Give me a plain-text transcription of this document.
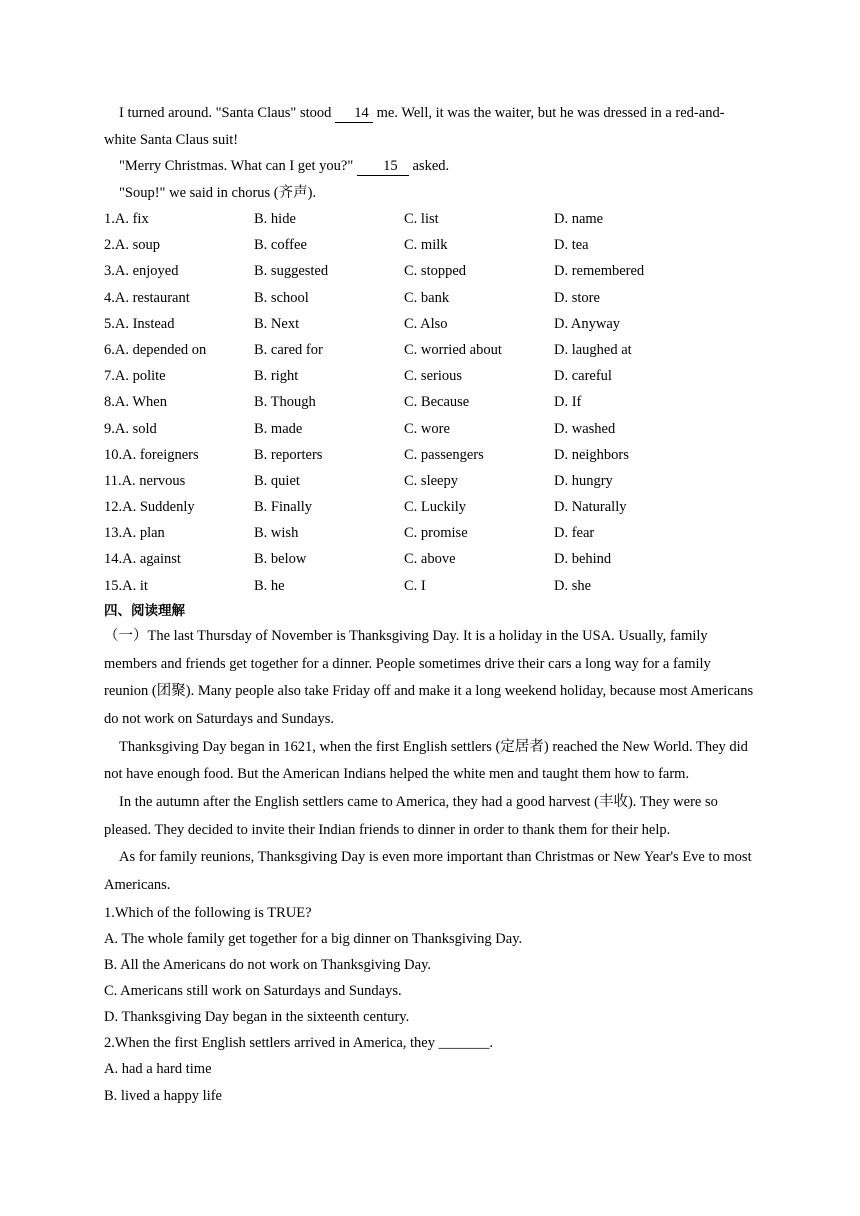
I turned around. "Santa Claus" stood 14 me. Well, it was the waiter, but he was dressed in a red-and-white Santa Claus suit!

"Merry Christmas. What can I get you?" 15 asked.

"Soup!" we said in chorus (齐声).

1.A. fix	B. hide	C. list	D. name
2.A. soup	B. coffee	C. milk	D. tea
3.A. enjoyed	B. suggested	C. stopped	D. remembered
4.A. restaurant	B. school	C. bank	D. store
5.A. Instead	B. Next	C. Also	D. Anyway
6.A. depended on	B. cared for	C. worried about	D. laughed at
7.A. polite	B. right	C. serious	D. careful
8.A. When	B. Though	C. Because	D. If
9.A. sold	B. made	C. wore	D. washed
10.A. foreigners	B. reporters	C. passengers	D. neighbors
11.A. nervous	B. quiet	C. sleepy	D. hungry
12.A. Suddenly	B. Finally	C. Luckily	D. Naturally
13.A. plan	B. wish	C. promise	D. fear
14.A. against	B. below	C. above	D. behind
15.A. it	B. he	C. I	D. she

四、阅读理解

（一）The last Thursday of November is Thanksgiving Day. It is a holiday in the USA. Usually, family members and friends get together for a dinner. People sometimes drive their cars a long way for a family reunion (团聚). Many people also take Friday off and make it a long weekend holiday, because most Americans do not work on Saturdays and Sundays.

Thanksgiving Day began in 1621, when the first English settlers (定居者) reached the New World. They did not have enough food. But the American Indians helped the white men and taught them how to farm.

In the autumn after the English settlers came to America, they had a good harvest (丰收). They were so pleased. They decided to invite their Indian friends to dinner in order to thank them for their help.

As for family reunions, Thanksgiving Day is even more important than Christmas or New Year's Eve to most Americans.

1.Which of the following is TRUE?

A. The whole family get together for a big dinner on Thanksgiving Day.

B. All the Americans do not work on Thanksgiving Day.

C. Americans still work on Saturdays and Sundays.

D. Thanksgiving Day began in the sixteenth century.

2.When the first English settlers arrived in America, they _______.

A. had a hard time

B. lived a happy life
